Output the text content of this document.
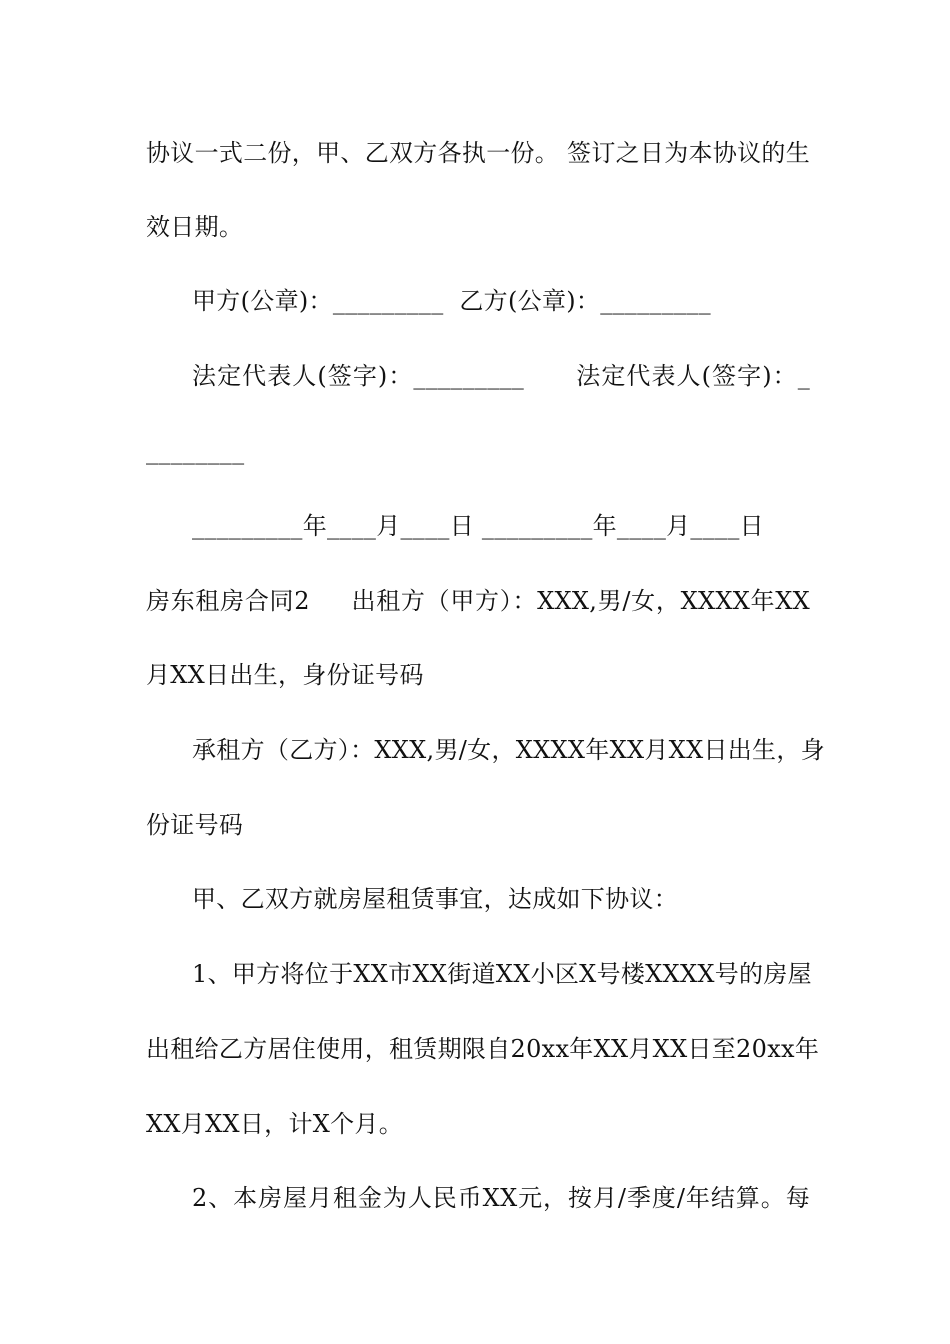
协议一式二份，甲、乙双方各执一份。 签订之日为本协议的生
效日期。
甲方(公章)：_________  乙方(公章)：_________
法定代表人(签字)：_________      法定代表人(签字)：_
________
_________年____月____日 _________年____月____日
房东租房合同2     出租方（甲方）：XXX,男/女，XXXX年XX
月XX日出生，身份证号码
承租方（乙方）：XXX,男/女，XXXX年XX月XX日出生，身
份证号码
甲、乙双方就房屋租赁事宜，达成如下协议：
1、甲方将位于XX市XX街道XX小区X号楼XXXX号的房屋
出租给乙方居住使用，租赁期限自20xx年XX月XX日至20xx年
XX月XX日，计X个月。
2、本房屋月租金为人民币XX元，按月/季度/年结算。每
